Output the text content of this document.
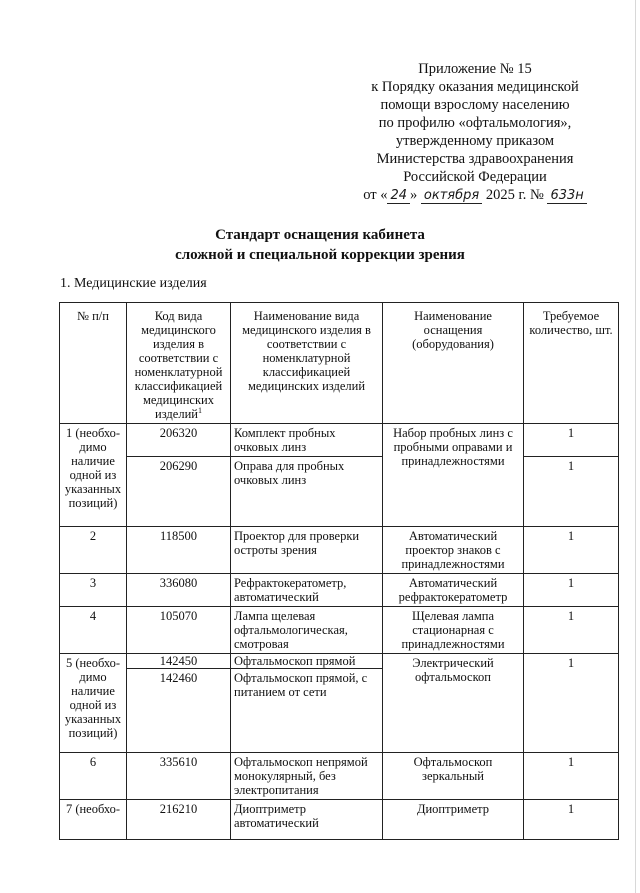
Приложение № 15
к Порядку оказания медицинской
помощи взрослому населению
по профилю «офтальмология»,
утвержденному приказом
Министерства здравоохранения
Российской Федерации
от « 24 » октября 2025 г. № 633н
Стандарт оснащения кабинета
сложной и специальной коррекции зрения
1. Медицинские изделия
№ п/п	Код вида медицинского изделия в соответствии с номенклатурной классификацией медицинских изделий$^1$	Наименование вида медицинского изделия в соответствии с номенклатурной классификацией медицинских изделий	Наименование оснащения (оборудования)	Требуемое количество, шт.
1 (необхо-димо наличие одной из указанных позиций)	206320	Комплект пробных очковых линз	Набор пробных линз с пробными оправами и принадлежностями	1
	206290	Оправа для пробных очковых линз		1
2	118500	Проектор для проверки остроты зрения	Автоматический проектор знаков с принадлежностями	1
3	336080	Рефрактокератометр, автоматический	Автоматический рефрактокератометр	1
4	105070	Лампа щелевая офтальмологическая, смотровая	Щелевая лампа стационарная с принадлежностями	1
5 (необхо-димо наличие одной из указанных позиций)	142450	Офтальмоскоп прямой	Электрический офтальмоскоп	1
	142460	Офтальмоскоп прямой, с питанием от сети		
6	335610	Офтальмоскоп непрямой монокулярный, без электропитания	Офтальмоскоп зеркальный	1
7 (необхо-	216210	Диоптриметр автоматический	Диоптриметр	1
